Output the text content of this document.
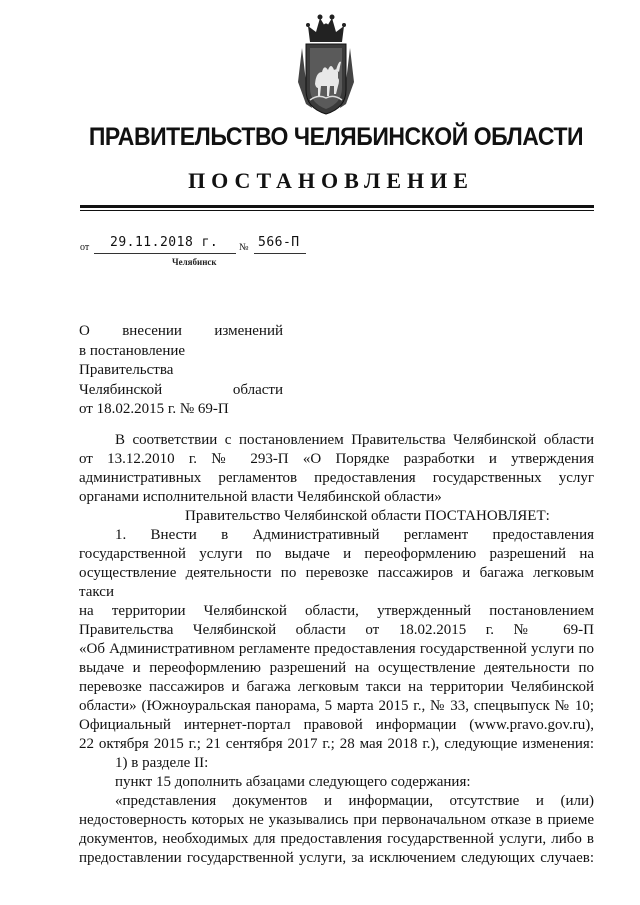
ПРАВИТЕЛЬСТВО ЧЕЛЯБИНСКОЙ ОБЛАСТИ
ПОСТАНОВЛЕНИЕ
от 29.11.2018 г. № 566-П
Челябинск
О внесении изменений
в постановление Правительства
Челябинской области
от 18.02.2015 г. № 69-П
В соответствии с постановлением Правительства Челябинской области
от 13.12.2010 г. № 293-П «О Порядке разработки и утверждения
административных регламентов предоставления государственных услуг
органами исполнительной власти Челябинской области»
Правительство Челябинской области ПОСТАНОВЛЯЕТ:
1. Внести в Административный регламент предоставления
государственной услуги по выдаче и переоформлению разрешений на
осуществление деятельности по перевозке пассажиров и багажа легковым такси
на территории Челябинской области, утвержденный постановлением
Правительства Челябинской области от 18.02.2015 г. № 69-П
«Об Административном регламенте предоставления государственной услуги по
выдаче и переоформлению разрешений на осуществление деятельности по
перевозке пассажиров и багажа легковым такси на территории Челябинской
области» (Южноуральская панорама, 5 марта 2015 г., № 33, спецвыпуск № 10;
Официальный интернет-портал правовой информации (www.pravo.gov.ru),
22 октября 2015 г.; 21 сентября 2017 г.; 28 мая 2018 г.), следующие изменения:
1) в разделе II:
пункт 15 дополнить абзацами следующего содержания:
«представления документов и информации, отсутствие и (или)
недостоверность которых не указывались при первоначальном отказе в приеме
документов, необходимых для предоставления государственной услуги, либо в
предоставлении государственной услуги, за исключением следующих случаев:
